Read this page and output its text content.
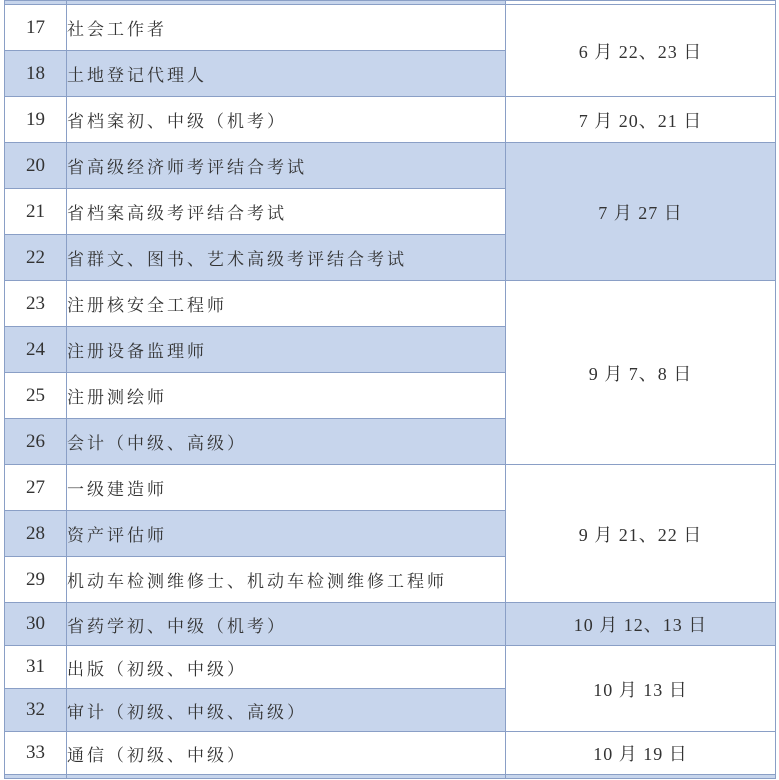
17	社会工作者	6 月 22、23 日
18	土地登记代理人	
19	省档案初、中级（机考）	7 月 20、21 日
20	省高级经济师考评结合考试	7 月 27 日
21	省档案高级考评结合考试	
22	省群文、图书、艺术高级考评结合考试	
23	注册核安全工程师	9 月 7、8 日
24	注册设备监理师	
25	注册测绘师	
26	会计（中级、高级）	
27	一级建造师	9 月 21、22 日
28	资产评估师	
29	机动车检测维修士、机动车检测维修工程师	
30	省药学初、中级（机考）	10 月 12、13 日
31	出版（初级、中级）	10 月 13 日
32	审计（初级、中级、高级）	
33	通信（初级、中级）	10 月 19 日
